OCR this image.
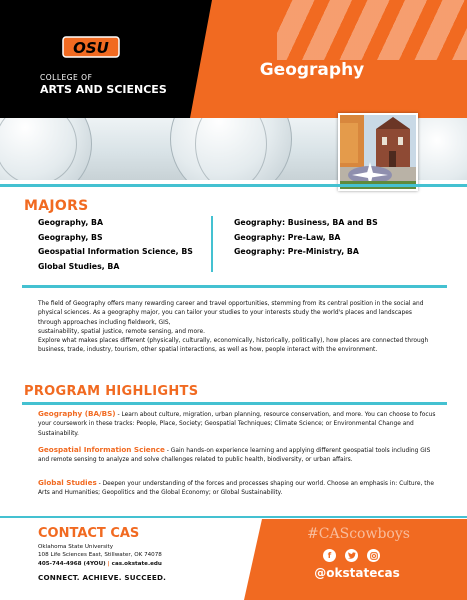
OSU
COLLEGE OF
ARTS AND SCIENCES
Geography
MAJORS
Geography, BA
Geography, BS
Geospatial Information Science, BS
Global Studies, BA
Geography: Business, BA and BS
Geography: Pre-Law, BA
Geography: Pre-Ministry, BA
The field of Geography offers many rewarding career and travel opportunities, stemming from its central position in the social and physical sciences. As a geography major, you can tailor your studies to your interests study the world's places and landscapes through approaches including fieldwork, GIS,
sustainability, spatial justice, remote sensing, and more.
Explore what makes places different (physically, culturally, economically, historically, politically), how places are connected through business, trade, industry, tourism, other spatial interactions, as well as how, people interact with the environment.
PROGRAM HIGHLIGHTS
Geography (BA/BS) - Learn about culture, migration, urban planning, resource conservation, and more. You can choose to focus your coursework in these tracks: People, Place, Society; Geospatial Techniques; Climate Science; or Environmental Change and Sustainability.
Geospatial Information Science - Gain hands-on experience learning and applying different geospatial tools including GIS and remote sensing to analyze and solve challenges related to public health, biodiversity, or urban affairs.
Global Studies - Deepen your understanding of the forces and processes shaping our world. Choose an emphasis in: Culture, the Arts and Humanities; Geopolitics and the Global Economy; or Global Sustainability.
CONTACT CAS
Oklahoma State University
108 Life Sciences East, Stillwater, OK 74078
405-744-4968 (4YOU) | cas.okstate.edu
CONNECT. ACHIEVE. SUCCEED.
#CAScowboys
f
@okstatecas
